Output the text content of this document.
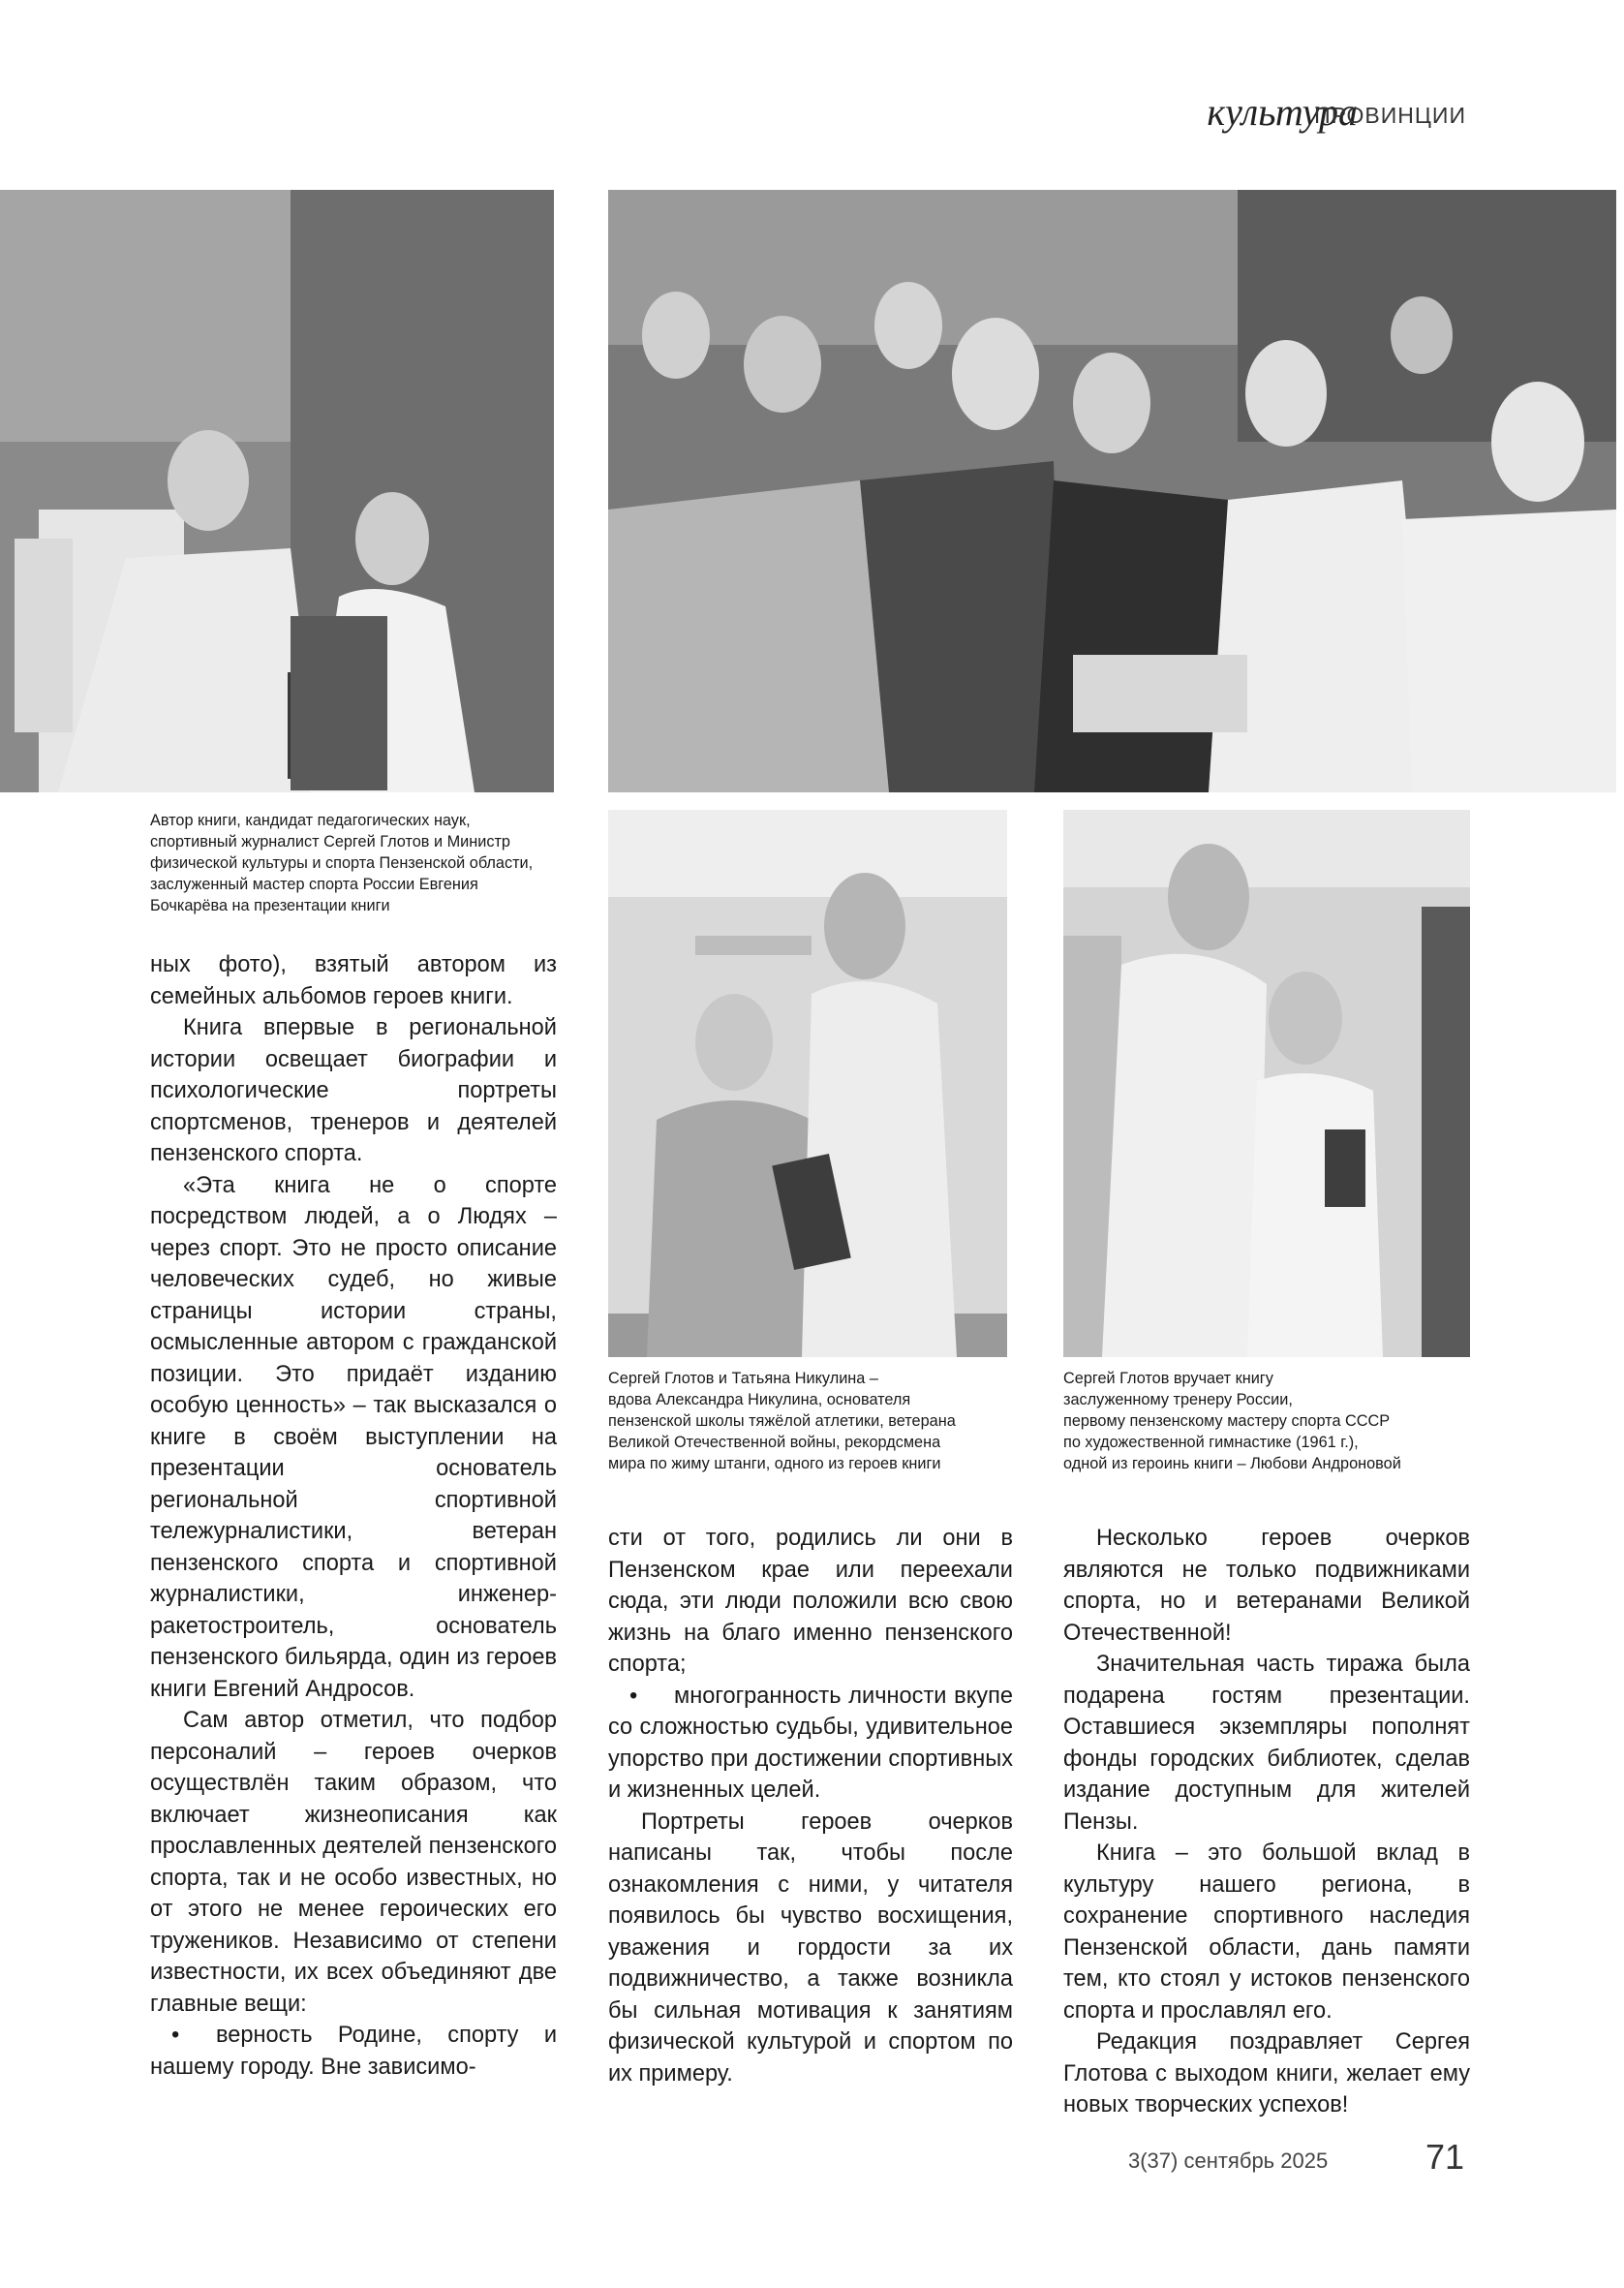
культура
ПРОВИНЦИИ
Автор книги, кандидат педагогических наук,
спортивный журналист Сергей Глотов и Министр
физической культуры и спорта Пензенской области,
заслуженный мастер спорта России Евгения
Бочкарёва на презентации книги
Сергей Глотов и Татьяна Никулина –
вдова Александра Никулина, основателя
пензенской школы тяжёлой атлетики, ветерана
Великой Отечественной войны, рекордсмена
мира по жиму штанги, одного из героев книги
Сергей Глотов вручает книгу
заслуженному тренеру России,
первому пензенскому мастеру спорта СССР
по художественной гимнастике (1961 г.),
одной из героинь книги – Любови Андроновой

ных фото), взятый автором из семейных альбомов героев книги.

Книга впервые в региональной истории освещает биографии и психологические портреты спортсменов, тренеров и деятелей пензенского спорта.

«Эта книга не о спорте посредством людей, а о Людях – через спорт. Это не просто описание человеческих судеб, но живые страницы истории страны, осмысленные автором с гражданской позиции. Это придаёт изданию особую ценность» – так высказался о книге в своём выступлении на презентации основатель региональной спортивной тележурналистики, ветеран пензенского спорта и спортивной журналистики, инженер-ракетостроитель, основатель пензенского бильярда, один из героев книги Евгений Андросов.

Сам автор отметил, что подбор персоналий – героев очерков осуществлён таким образом, что включает жизнеописания как прославленных деятелей пензенского спорта, так и не особо известных, но от этого не менее героических его тружеников. Независимо от степени известности, их всех объединяют две главные вещи:

• верность Родине, спорту и нашему городу. Вне зависимо-

сти от того, родились ли они в Пензенском крае или переехали сюда, эти люди положили всю свою жизнь на благо именно пензенского спорта;

• многогранность личности вкупе со сложностью судьбы, удивительное упорство при достижении спортивных и жизненных целей.

Портреты героев очерков написаны так, чтобы после ознакомления с ними, у читателя появилось бы чувство восхищения, уважения и гордости за их подвижничество, а также возникла бы сильная мотивация к занятиям физической культурой и спортом по их примеру.

Несколько героев очерков являются не только подвижниками спорта, но и ветеранами Великой Отечественной!

Значительная часть тиража была подарена гостям презентации. Оставшиеся экземпляры пополнят фонды городских библиотек, сделав издание доступным для жителей Пензы.

Книга – это большой вклад в культуру нашего региона, в сохранение спортивного наследия Пензенской области, дань памяти тем, кто стоял у истоков пензенского спорта и прославлял его.

Редакция поздравляет Сергея Глотова с выходом книги, желает ему новых творческих успехов!

3(37) сентябрь 2025	71
